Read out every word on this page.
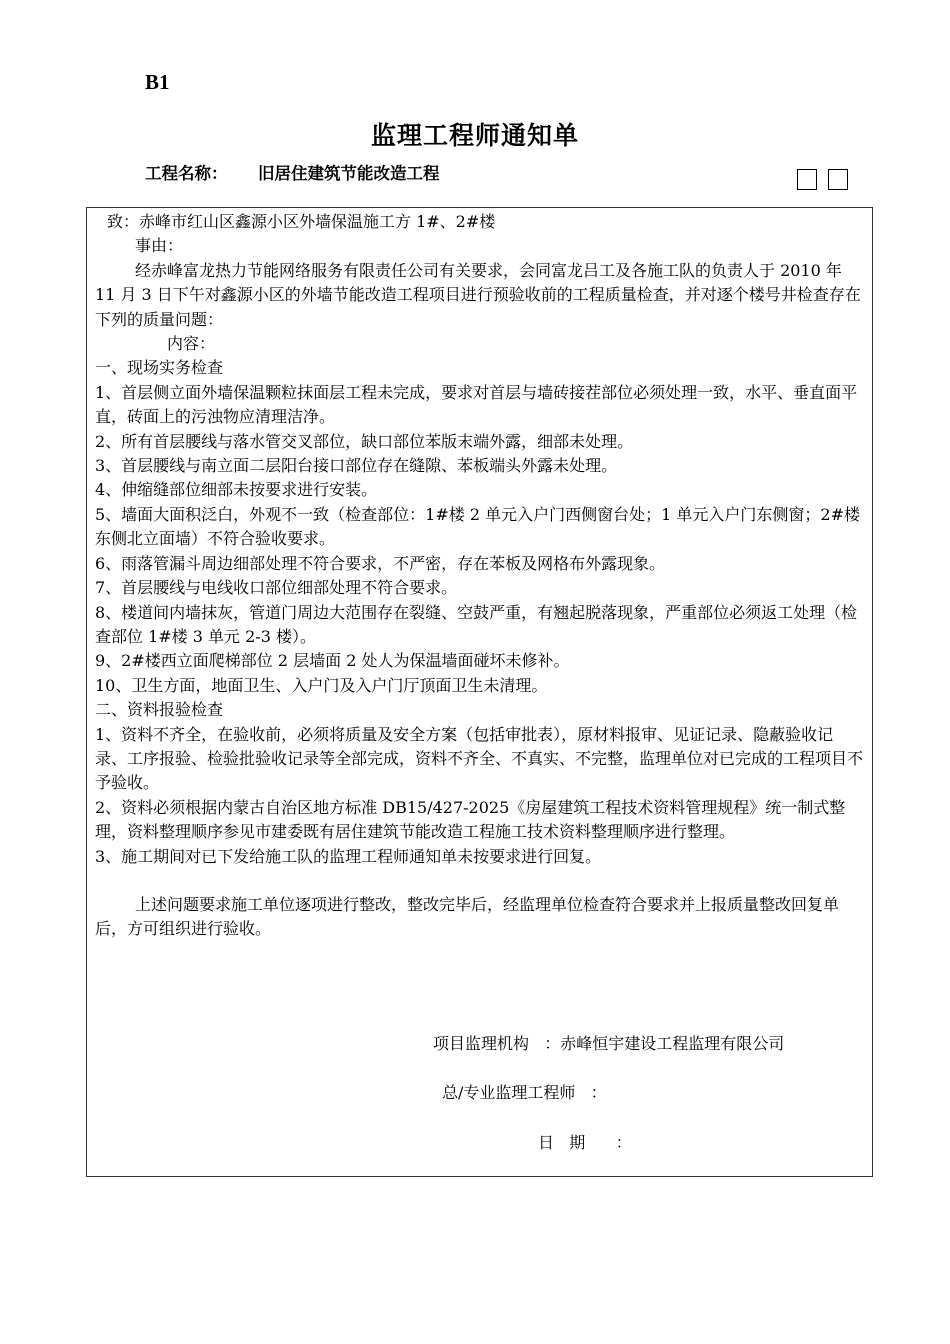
B1
监理工程师通知单
工程名称： 旧居住建筑节能改造工程

致：赤峰市红山区鑫源小区外墙保温施工方 1#、2#楼

事由：

经赤峰富龙热力节能网络服务有限责任公司有关要求，会同富龙吕工及各施工队的负责人于 2010 年 11 月 3 日下午对鑫源小区的外墙节能改造工程项目进行预验收前的工程质量检查，并对逐个楼号井检查存在下列的质量问题：

内容：

一、现场实务检查

1、首层侧立面外墙保温颗粒抹面层工程未完成，要求对首层与墙砖接茬部位必须处理一致，水平、垂直面平直，砖面上的污浊物应清理洁净。

2、所有首层腰线与落水管交叉部位，缺口部位苯版末端外露，细部未处理。

3、首层腰线与南立面二层阳台接口部位存在缝隙、苯板端头外露未处理。

4、伸缩缝部位细部未按要求进行安装。

5、墙面大面积泛白，外观不一致（检查部位：1#楼 2 单元入户门西侧窗台处；1 单元入户门东侧窗；2#楼东侧北立面墙）不符合验收要求。

6、雨落管漏斗周边细部处理不符合要求，不严密，存在苯板及网格布外露现象。

7、首层腰线与电线收口部位细部处理不符合要求。

8、楼道间内墙抹灰，管道门周边大范围存在裂缝、空鼓严重，有翘起脱落现象，严重部位必须返工处理（检查部位 1#楼 3 单元 2-3 楼）。

9、2#楼西立面爬梯部位 2 层墙面 2 处人为保温墙面碰坏未修补。

10、卫生方面，地面卫生、入户门及入户门厅顶面卫生未清理。

二、资料报验检查

1、资料不齐全，在验收前，必须将质量及安全方案（包括审批表），原材料报审、见证记录、隐蔽验收记录、工序报验、检验批验收记录等全部完成，资料不齐全、不真实、不完整，监理单位对已完成的工程项目不予验收。

2、资料必须根据内蒙古自治区地方标准 DB15/427-2025《房屋建筑工程技术资料管理规程》统一制式整理，资料整理顺序参见市建委既有居住建筑节能改造工程施工技术资料整理顺序进行整理。

3、施工期间对已下发给施工队的监理工程师通知单未按要求进行回复。

上述问题要求施工单位逐项进行整改，整改完毕后，经监理单位检查符合要求并上报质量整改回复单后，方可组织进行验收。

项目监理机构   ：赤峰恒宇建设工程监理有限公司
总/专业监理工程师   ：
日   期      ：
